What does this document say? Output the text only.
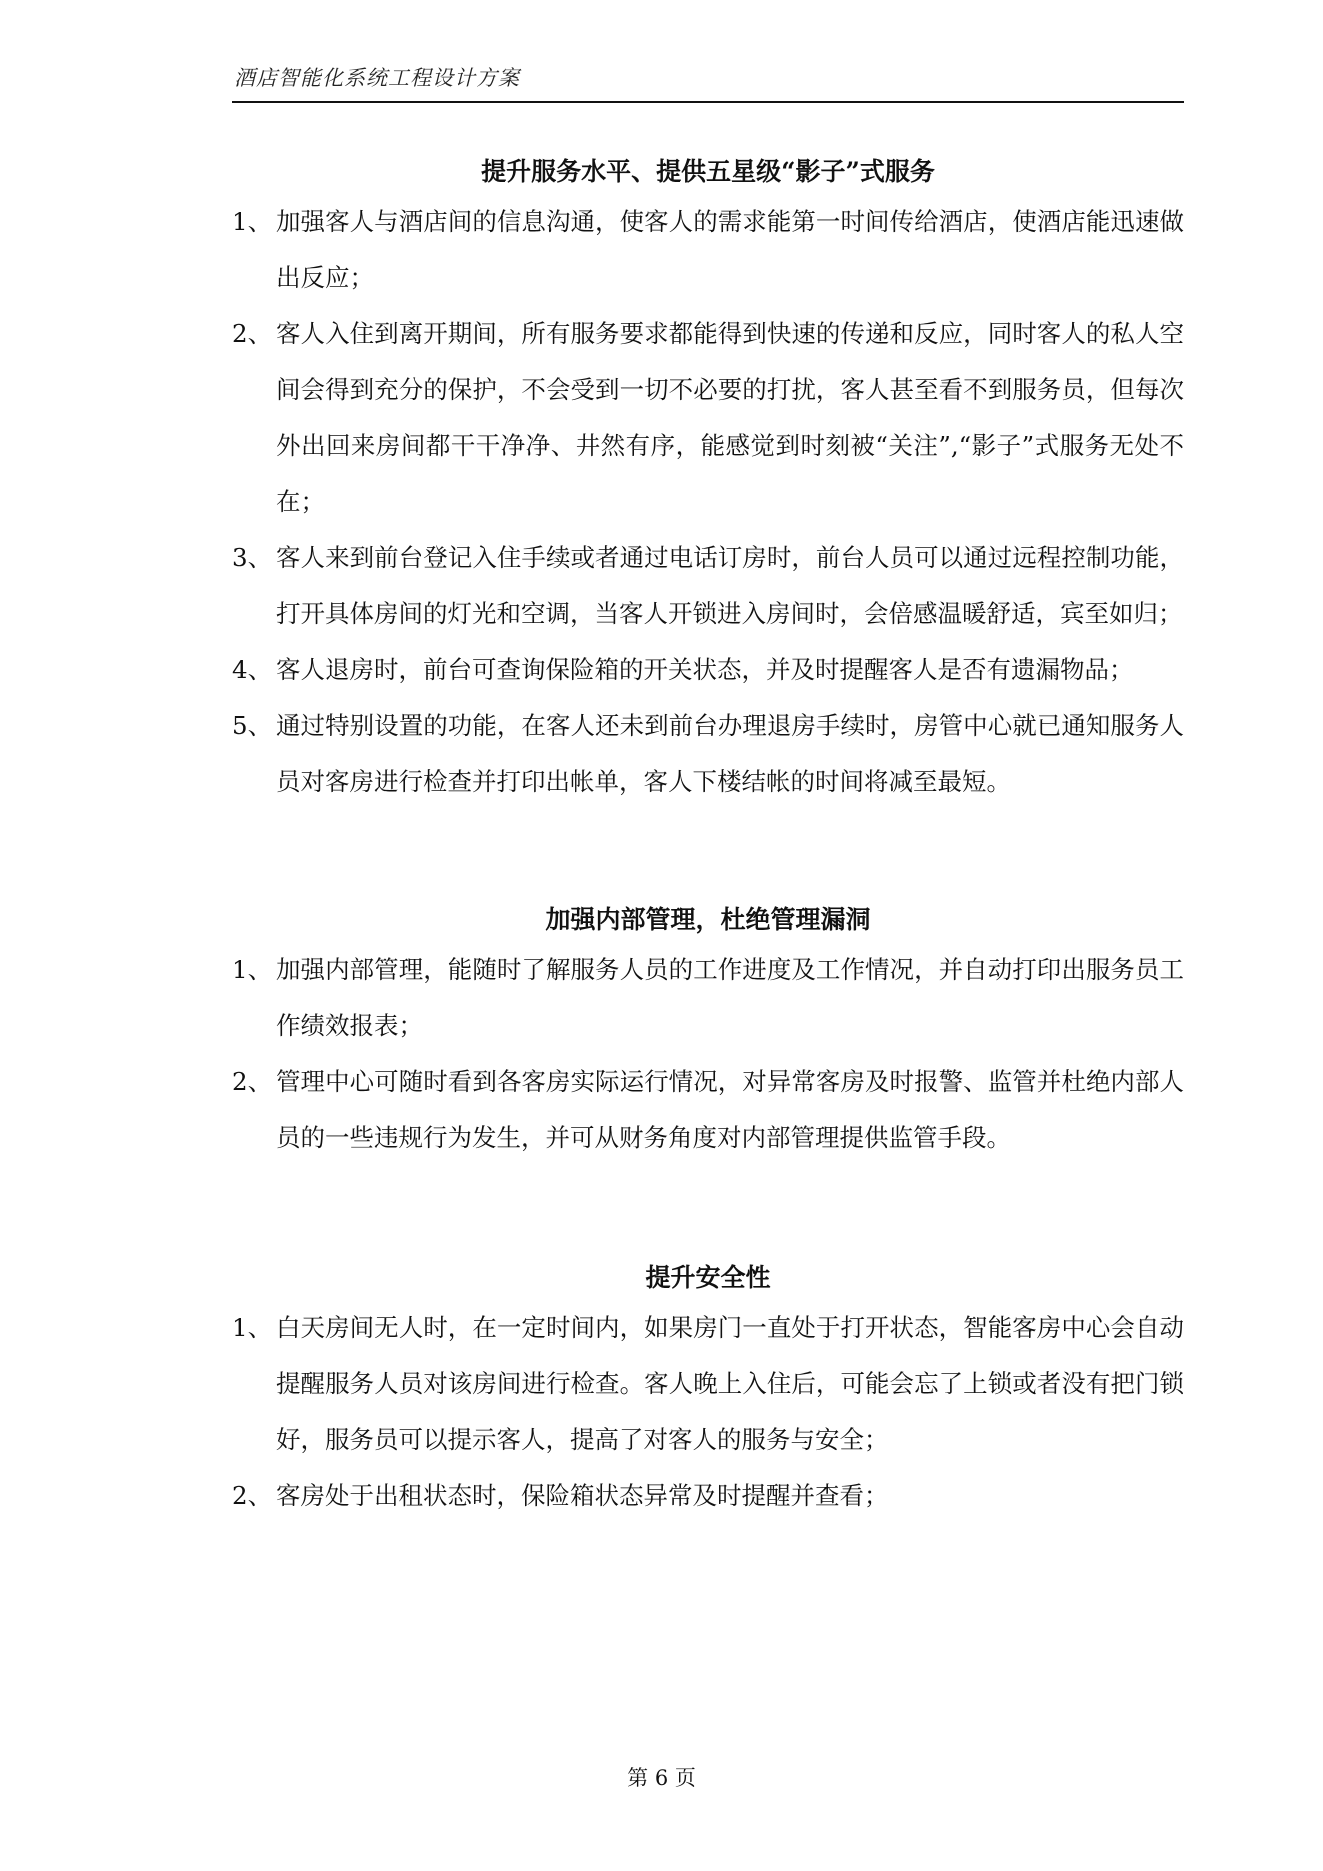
酒店智能化系统工程设计方案
提升服务水平、提供五星级“影子”式服务
1、 加强客人与酒店间的信息沟通，使客人的需求能第一时间传给酒店，使酒店能迅速做出反应；
2、 客人入住到离开期间，所有服务要求都能得到快速的传递和反应，同时客人的私人空间会得到充分的保护，不会受到一切不必要的打扰，客人甚至看不到服务员，但每次外出回来房间都干干净净、井然有序，能感觉到时刻被“关注”,“影子”式服务无处不在；
3、 客人来到前台登记入住手续或者通过电话订房时，前台人员可以通过远程控制功能，打开具体房间的灯光和空调，当客人开锁进入房间时，会倍感温暖舒适，宾至如归；
4、 客人退房时，前台可查询保险箱的开关状态，并及时提醒客人是否有遗漏物品；
5、 通过特别设置的功能，在客人还未到前台办理退房手续时，房管中心就已通知服务人员对客房进行检查并打印出帐单，客人下楼结帐的时间将减至最短。
加强内部管理，杜绝管理漏洞
1、 加强内部管理，能随时了解服务人员的工作进度及工作情况，并自动打印出服务员工作绩效报表；
2、 管理中心可随时看到各客房实际运行情况，对异常客房及时报警、监管并杜绝内部人员的一些违规行为发生，并可从财务角度对内部管理提供监管手段。
提升安全性
1、 白天房间无人时，在一定时间内，如果房门一直处于打开状态，智能客房中心会自动提醒服务人员对该房间进行检查。客人晚上入住后，可能会忘了上锁或者没有把门锁好，服务员可以提示客人，提高了对客人的服务与安全；
2、 客房处于出租状态时，保险箱状态异常及时提醒并查看；
第 6 页
